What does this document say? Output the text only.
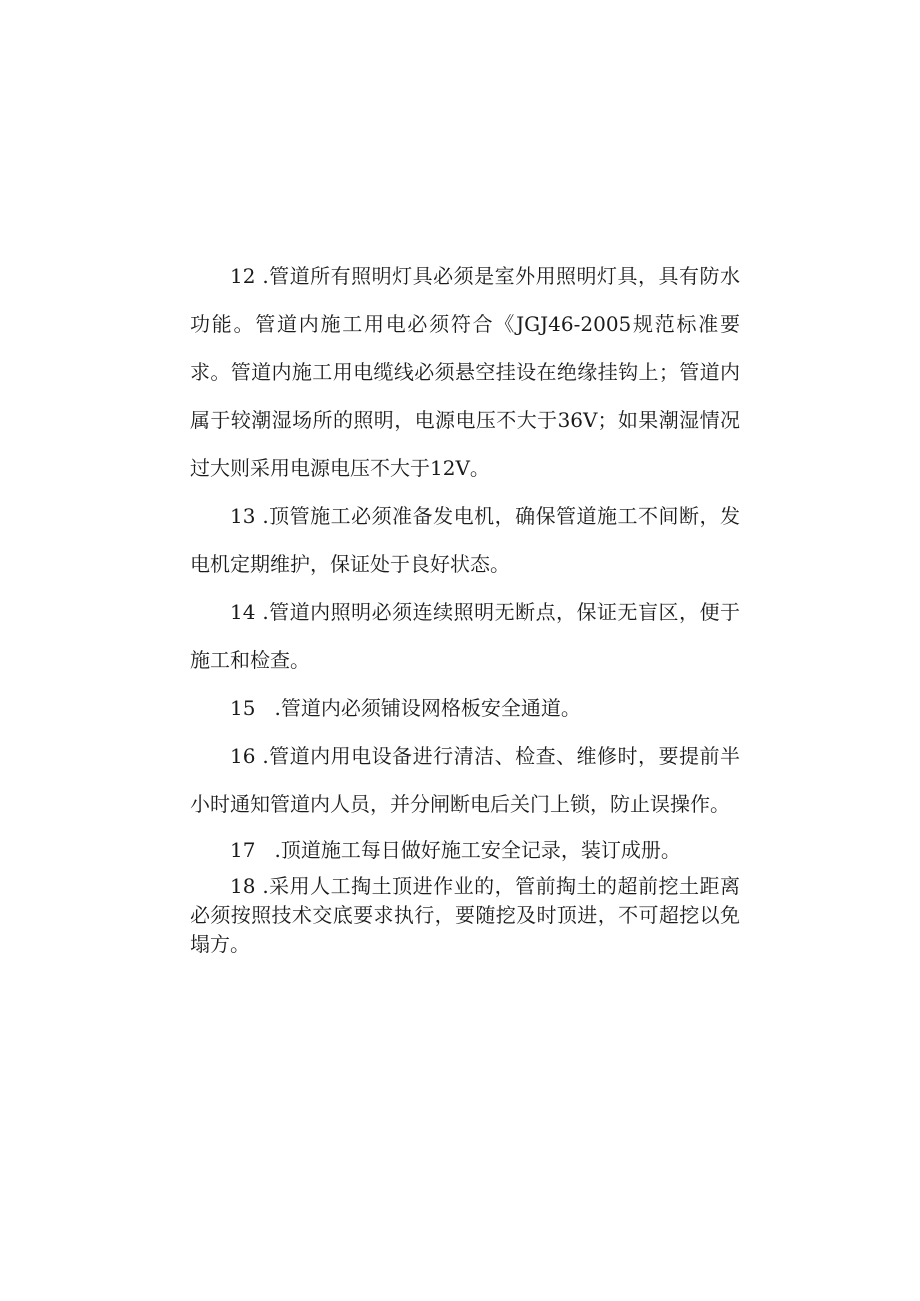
12 .管道所有照明灯具必须是室外用照明灯具，具有防水功能。管道内施工用电必须符合《JGJ46-2005规范标准要求。管道内施工用电缆线必须悬空挂设在绝缘挂钩上；管道内属于较潮湿场所的照明，电源电压不大于36V；如果潮湿情况过大则采用电源电压不大于12V。

13 .顶管施工必须准备发电机，确保管道施工不间断，发电机定期维护，保证处于良好状态。

14 .管道内照明必须连续照明无断点，保证无盲区，便于施工和检查。

15 .管道内必须铺设网格板安全通道。

16 .管道内用电设备进行清洁、检查、维修时，要提前半小时通知管道内人员，并分闸断电后关门上锁，防止误操作。

17 .顶道施工每日做好施工安全记录，装订成册。

18 .采用人工掏土顶进作业的，管前掏土的超前挖土距离必须按照技术交底要求执行，要随挖及时顶进，不可超挖以免塌方。
